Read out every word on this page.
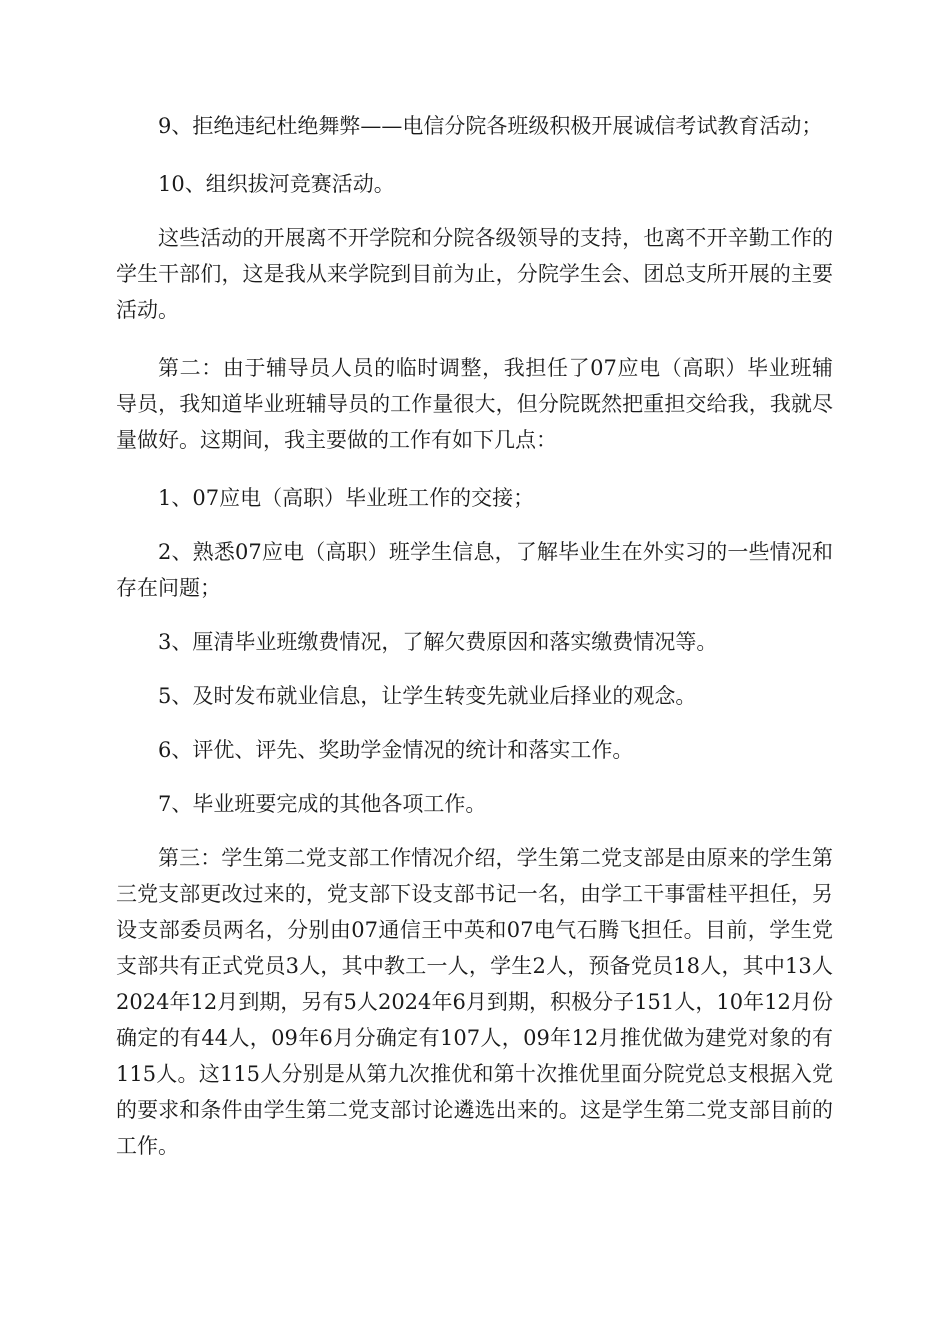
9、拒绝违纪杜绝舞弊——电信分院各班级积极开展诚信考试教育活动；

10、组织拔河竞赛活动。

这些活动的开展离不开学院和分院各级领导的支持，也离不开辛勤工作的学生干部们，这是我从来学院到目前为止，分院学生会、团总支所开展的主要活动。

第二：由于辅导员人员的临时调整，我担任了07应电（高职）毕业班辅导员，我知道毕业班辅导员的工作量很大，但分院既然把重担交给我，我就尽量做好。这期间，我主要做的工作有如下几点：

1、07应电（高职）毕业班工作的交接；

2、熟悉07应电（高职）班学生信息，了解毕业生在外实习的一些情况和存在问题；

3、厘清毕业班缴费情况，了解欠费原因和落实缴费情况等。

5、及时发布就业信息，让学生转变先就业后择业的观念。

6、评优、评先、奖助学金情况的统计和落实工作。

7、毕业班要完成的其他各项工作。

第三：学生第二党支部工作情况介绍，学生第二党支部是由原来的学生第三党支部更改过来的，党支部下设支部书记一名，由学工干事雷桂平担任，另设支部委员两名，分别由07通信王中英和07电气石腾飞担任。目前，学生党支部共有正式党员3人，其中教工一人，学生2人，预备党员18人，其中13人2024年12月到期，另有5人2024年6月到期，积极分子151人，10年12月份确定的有44人，09年6月分确定有107人，09年12月推优做为建党对象的有115人。这115人分别是从第九次推优和第十次推优里面分院党总支根据入党的要求和条件由学生第二党支部讨论遴选出来的。这是学生第二党支部目前的工作。
